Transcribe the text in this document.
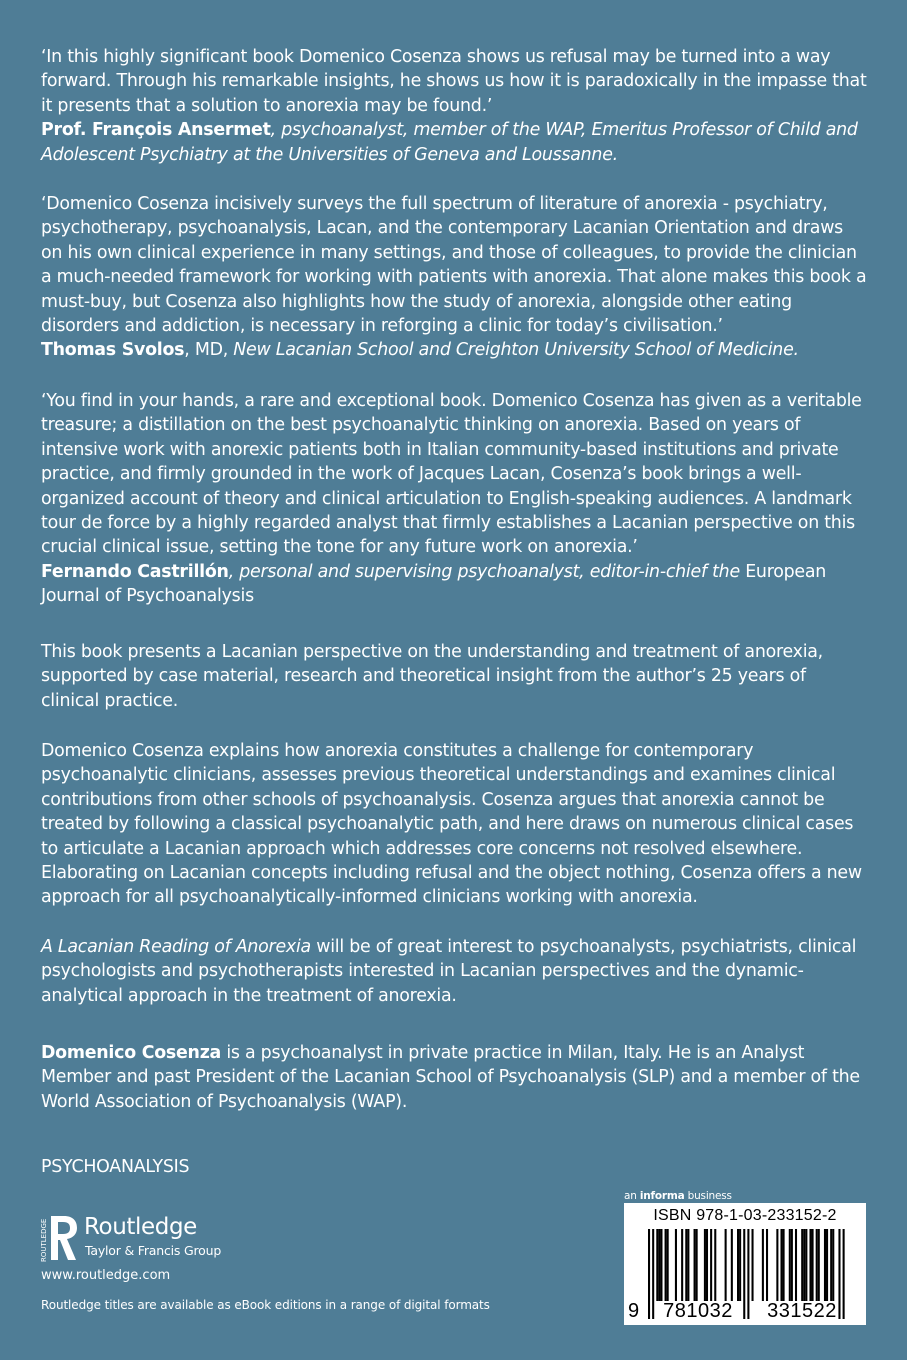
‘In this highly significant book Domenico Cosenza shows us refusal may be turned into a way forward. Through his remarkable insights, he shows us how it is paradoxically in the impasse that it presents that a solution to anorexia may be found.’
Prof. François Ansermet, psychoanalyst, member of the WAP, Emeritus Professor of Child and Adolescent Psychiatry at the Universities of Geneva and Loussanne.

‘Domenico Cosenza incisively surveys the full spectrum of literature of anorexia - psychiatry, psychotherapy, psychoanalysis, Lacan, and the contemporary Lacanian Orientation and draws on his own clinical experience in many settings, and those of colleagues, to provide the clinician a much-needed framework for working with patients with anorexia. That alone makes this book a must-buy, but Cosenza also highlights how the study of anorexia, alongside other eating disorders and addiction, is necessary in reforging a clinic for today’s civilisation.’
Thomas Svolos, MD, New Lacanian School and Creighton University School of Medicine.

‘You find in your hands, a rare and exceptional book. Domenico Cosenza has given as a veritable treasure; a distillation on the best psychoanalytic thinking on anorexia. Based on years of intensive work with anorexic patients both in Italian community-based institutions and private practice, and firmly grounded in the work of Jacques Lacan, Cosenza’s book brings a well-organized account of theory and clinical articulation to English-speaking audiences. A landmark tour de force by a highly regarded analyst that firmly establishes a Lacanian perspective on this crucial clinical issue, setting the tone for any future work on anorexia.’
Fernando Castrillón, personal and supervising psychoanalyst, editor-in-chief the European Journal of Psychoanalysis

This book presents a Lacanian perspective on the understanding and treatment of anorexia, supported by case material, research and theoretical insight from the author’s 25 years of clinical practice.

Domenico Cosenza explains how anorexia constitutes a challenge for contemporary psychoanalytic clinicians, assesses previous theoretical understandings and examines clinical contributions from other schools of psychoanalysis. Cosenza argues that anorexia cannot be treated by following a classical psychoanalytic path, and here draws on numerous clinical cases to articulate a Lacanian approach which addresses core concerns not resolved elsewhere. Elaborating on Lacanian concepts including refusal and the object nothing, Cosenza offers a new approach for all psychoanalytically-informed clinicians working with anorexia.

A Lacanian Reading of Anorexia will be of great interest to psychoanalysts, psychiatrists, clinical psychologists and psychotherapists interested in Lacanian perspectives and the dynamic-analytical approach in the treatment of anorexia.

Domenico Cosenza is a psychoanalyst in private practice in Milan, Italy. He is an Analyst Member and past President of the Lacanian School of Psychoanalysis (SLP) and a member of the World Association of Psychoanalysis (WAP).

PSYCHOANALYSIS

ROUTLEDGE Routledge
Taylor & Francis Group
www.routledge.com
Routledge titles are available as eBook editions in a range of digital formats
an informa business
ISBN 978-1-03-233152-2
9	781032	331522
